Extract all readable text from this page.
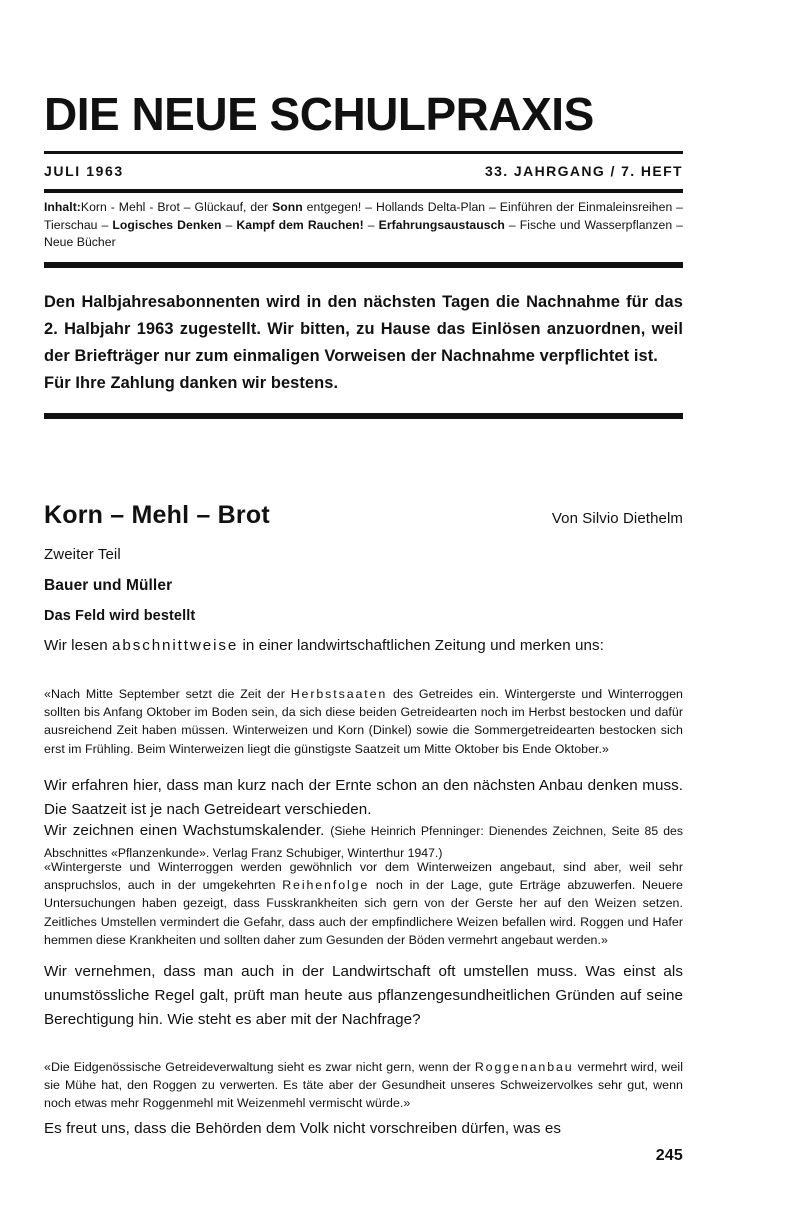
DIE NEUE SCHULPRAXIS
JULI 1963	33. JAHRGANG / 7. HEFT
Inhalt:Korn - Mehl - Brot – Glückauf, der Sonn entgegen! – Hollands Delta-Plan – Einführen der Einmaleinsreihen – Tierschau – Logisches Denken – Kampf dem Rauchen! – Erfahrungsaustausch – Fische und Wasserpflanzen – Neue Bücher
Den Halbjahresabonnenten wird in den nächsten Tagen die Nachnahme für das 2. Halbjahr 1963 zugestellt. Wir bitten, zu Hause das Einlösen anzuordnen, weil der Briefträger nur zum einmaligen Vorweisen der Nachnahme verpflichtet ist.
Für Ihre Zahlung danken wir bestens.
Korn – Mehl – Brot	Von Silvio Diethelm
Zweiter Teil
Bauer und Müller
Das Feld wird bestellt
Wir lesen abschnittweise in einer landwirtschaftlichen Zeitung und merken uns:
«Nach Mitte September setzt die Zeit der Herbstsaaten des Getreides ein. Wintergerste und Winterroggen sollten bis Anfang Oktober im Boden sein, da sich diese beiden Getreidearten noch im Herbst bestocken und dafür ausreichend Zeit haben müssen. Winterweizen und Korn (Dinkel) sowie die Sommergetreidearten bestocken sich erst im Frühling. Beim Winterweizen liegt die günstigste Saatzeit um Mitte Oktober bis Ende Oktober.»
Wir erfahren hier, dass man kurz nach der Ernte schon an den nächsten Anbau denken muss. Die Saatzeit ist je nach Getreideart verschieden.
Wir zeichnen einen Wachstumskalender. (Siehe Heinrich Pfenninger: Dienendes Zeichnen, Seite 85 des Abschnittes «Pflanzenkunde». Verlag Franz Schubiger, Winterthur 1947.)
«Wintergerste und Winterroggen werden gewöhnlich vor dem Winterweizen angebaut, sind aber, weil sehr anspruchslos, auch in der umgekehrten Reihenfolge noch in der Lage, gute Erträge abzuwerfen. Neuere Untersuchungen haben gezeigt, dass Fusskrankheiten sich gern von der Gerste her auf den Weizen setzen. Zeitliches Umstellen vermindert die Gefahr, dass auch der empfindlichere Weizen befallen wird. Roggen und Hafer hemmen diese Krankheiten und sollten daher zum Gesunden der Böden vermehrt angebaut werden.»
Wir vernehmen, dass man auch in der Landwirtschaft oft umstellen muss. Was einst als unumstössliche Regel galt, prüft man heute aus pflanzengesundheitlichen Gründen auf seine Berechtigung hin. Wie steht es aber mit der Nachfrage?
«Die Eidgenössische Getreideverwaltung sieht es zwar nicht gern, wenn der Roggenanbau vermehrt wird, weil sie Mühe hat, den Roggen zu verwerten. Es täte aber der Gesundheit unseres Schweizervolkes sehr gut, wenn noch etwas mehr Roggenmehl mit Weizenmehl vermischt würde.»
Es freut uns, dass die Behörden dem Volk nicht vorschreiben dürfen, was es
245
